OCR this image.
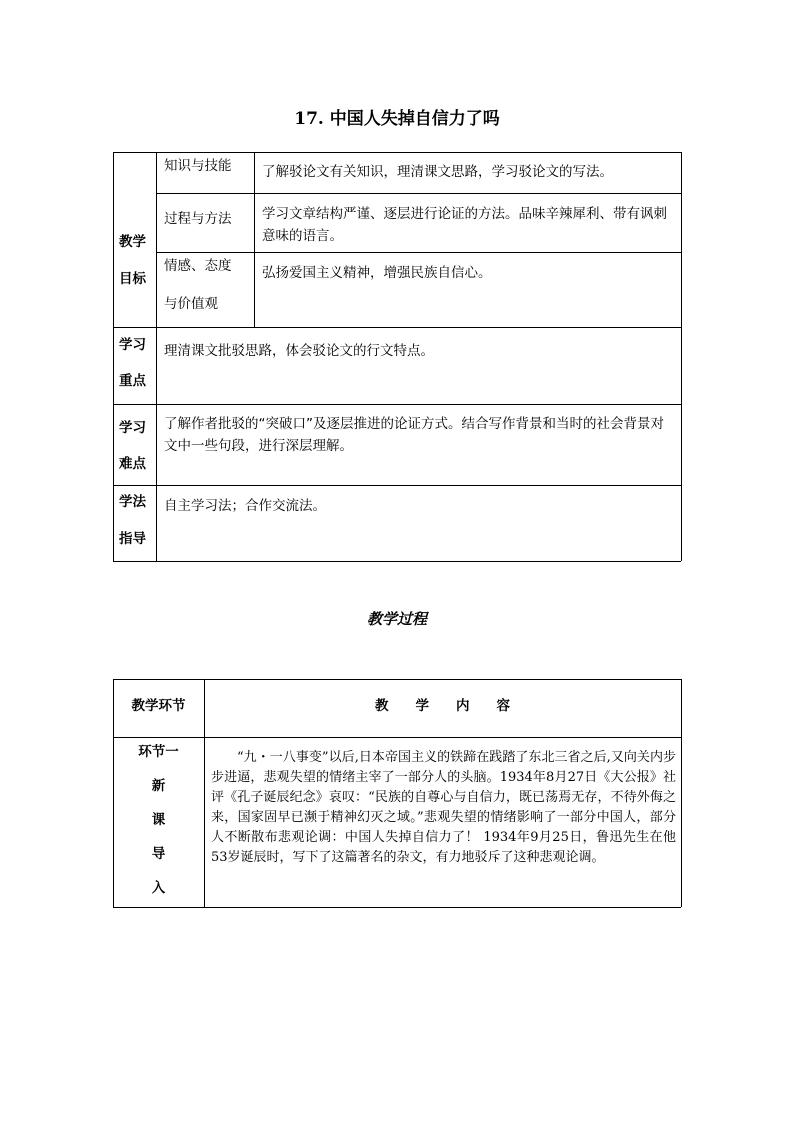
17. 中国人失掉自信力了吗
教学
目标
知识与技能 了解驳论文有关知识，理清课文思路，学习驳论文的写法。
过程与方法 学习文章结构严谨、逐层进行论证的方法。品味辛辣犀利、带有讽刺意味的语言。
情感、态度
与价值观
弘扬爱国主义精神，增强民族自信心。
学习
重点
理清课文批驳思路，体会驳论文的行文特点。
学习
难点
了解作者批驳的“突破口”及逐层推进的论证方式。结合写作背景和当时的社会背景对文中一些句段，进行深层理解。
学法
指导
自主学习法；合作交流法。
教学过程
教学环节	教　　学　　内　　容
环节一
新
课
导
入
“九・一八事变”以后,日本帝国主义的铁蹄在践踏了东北三省之后,又向关内步步进逼，悲观失望的情绪主宰了一部分人的头脑。1934年8月27日《大公报》社评《孔子诞辰纪念》哀叹：“民族的自尊心与自信力，既已荡焉无存，不待外侮之来，国家固早已濒于精神幻灭之域。”悲观失望的情绪影响了一部分中国人，部分人不断散布悲观论调：中国人失掉自信力了！ 1934年9月25日，鲁迅先生在他53岁诞辰时，写下了这篇著名的杂文，有力地驳斥了这种悲观论调。
